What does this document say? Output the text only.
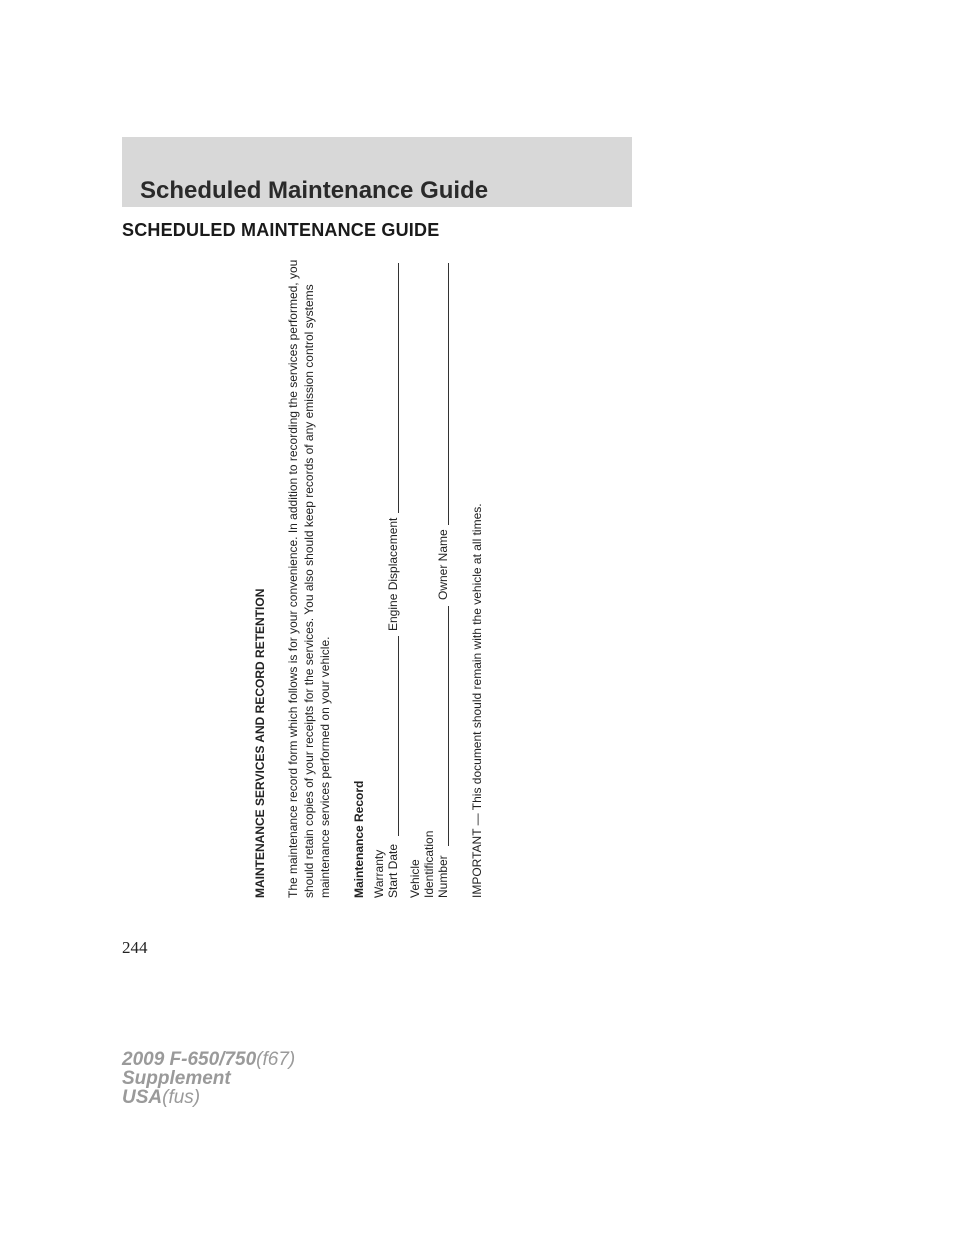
Scheduled Maintenance Guide
SCHEDULED MAINTENANCE GUIDE
MAINTENANCE SERVICES AND RECORD RETENTION The maintenance record form which follows is for your convenience. In addition to recording the services performed, you should retain copies of your receipts for the services. You also should keep records of any emission control systems maintenance services performed on your vehicle. Maintenance Record Warranty Start Date
Engine Displacement
Vehicle Identification Number
Owner Name IMPORTANT — This document should remain with the vehicle at all times.
244
2009 F-650/750(f67)
Supplement
USA(fus)
